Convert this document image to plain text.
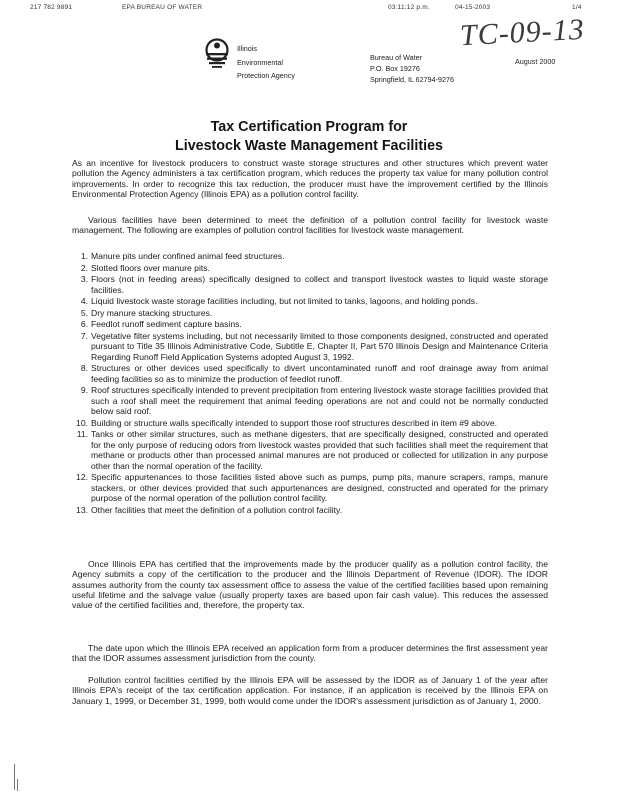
217 782 9891	EPA BUREAU OF WATER	03:11:12 p.m.	04-15-2003	1/4
TC-09-13
Illinois
Environmental
Protection Agency
Bureau of Water
P.O. Box 19276
Springfield, IL 62794-9276
August 2000
Tax Certification Program for
Livestock Waste Management Facilities

As an incentive for livestock producers to construct waste storage structures and other structures which prevent water pollution the Agency administers a tax certification program, which reduces the property tax value for many pollution control improvements. In order to recognize this tax reduction, the producer must have the improvement certified by the Illinois Environmental Protection Agency (Illinois EPA) as a pollution control facility.

Various facilities have been determined to meet the definition of a pollution control facility for livestock waste management. The following are examples of pollution control facilities for livestock waste management.

1. Manure pits under confined animal feed structures.
2. Slotted floors over manure pits.
3. Floors (not in feeding areas) specifically designed to collect and transport livestock wastes to liquid waste storage facilities.
4. Liquid livestock waste storage facilities including, but not limited to tanks, lagoons, and holding ponds.
5. Dry manure stacking structures.
6. Feedlot runoff sediment capture basins.
7. Vegetative filter systems including, but not necessarily limited to those components designed, constructed and operated pursuant to Title 35 Illinois Administrative Code, Subtitle E, Chapter II, Part 570 Illinois Design and Maintenance Criteria Regarding Runoff Field Application Systems adopted August 3, 1992.
8. Structures or other devices used specifically to divert uncontaminated runoff and roof drainage away from animal feeding facilities so as to minimize the production of feedlot runoff.
9. Roof structures specifically intended to prevent precipitation from entering livestock waste storage facilities provided that such a roof shall meet the requirement that animal feeding operations are not and could not be normally conducted below said roof.
10. Building or structure walls specifically intended to support those roof structures described in item #9 above.
11. Tanks or other similar structures, such as methane digesters, that are specifically designed, constructed and operated for the only purpose of reducing odors from livestock wastes provided that such facilities shall meet the requirement that methane or products other than processed animal manures are not produced or collected for utilization in any purpose other than the normal operation of the facility.
12. Specific appurtenances to those facilities listed above such as pumps, pump pits, manure scrapers, ramps, manure stackers, or other devices provided that such appurtenances are designed, constructed and operated for the primary purpose of the normal operation of the pollution control facility.
13. Other facilities that meet the definition of a pollution control facility.

Once Illinois EPA has certified that the improvements made by the producer qualify as a pollution control facility, the Agency submits a copy of the certification to the producer and the Illinois Department of Revenue (IDOR). The IDOR assumes authority from the county tax assessment office to assess the value of the certified facilities based upon remaining useful lifetime and the salvage value (usually property taxes are based upon fair cash value). This reduces the assessed value of the certified facilities and, therefore, the property tax.

The date upon which the Illinois EPA received an application form from a producer determines the first assessment year that the IDOR assumes assessment jurisdiction from the county.

Pollution control facilities certified by the Illinois EPA will be assessed by the IDOR as of January 1 of the year after Illinois EPA's receipt of the tax certification application. For instance, if an application is received by the Illinois EPA on January 1, 1999, or December 31, 1999, both would come under the IDOR's assessment jurisdiction as of January 1, 2000.
